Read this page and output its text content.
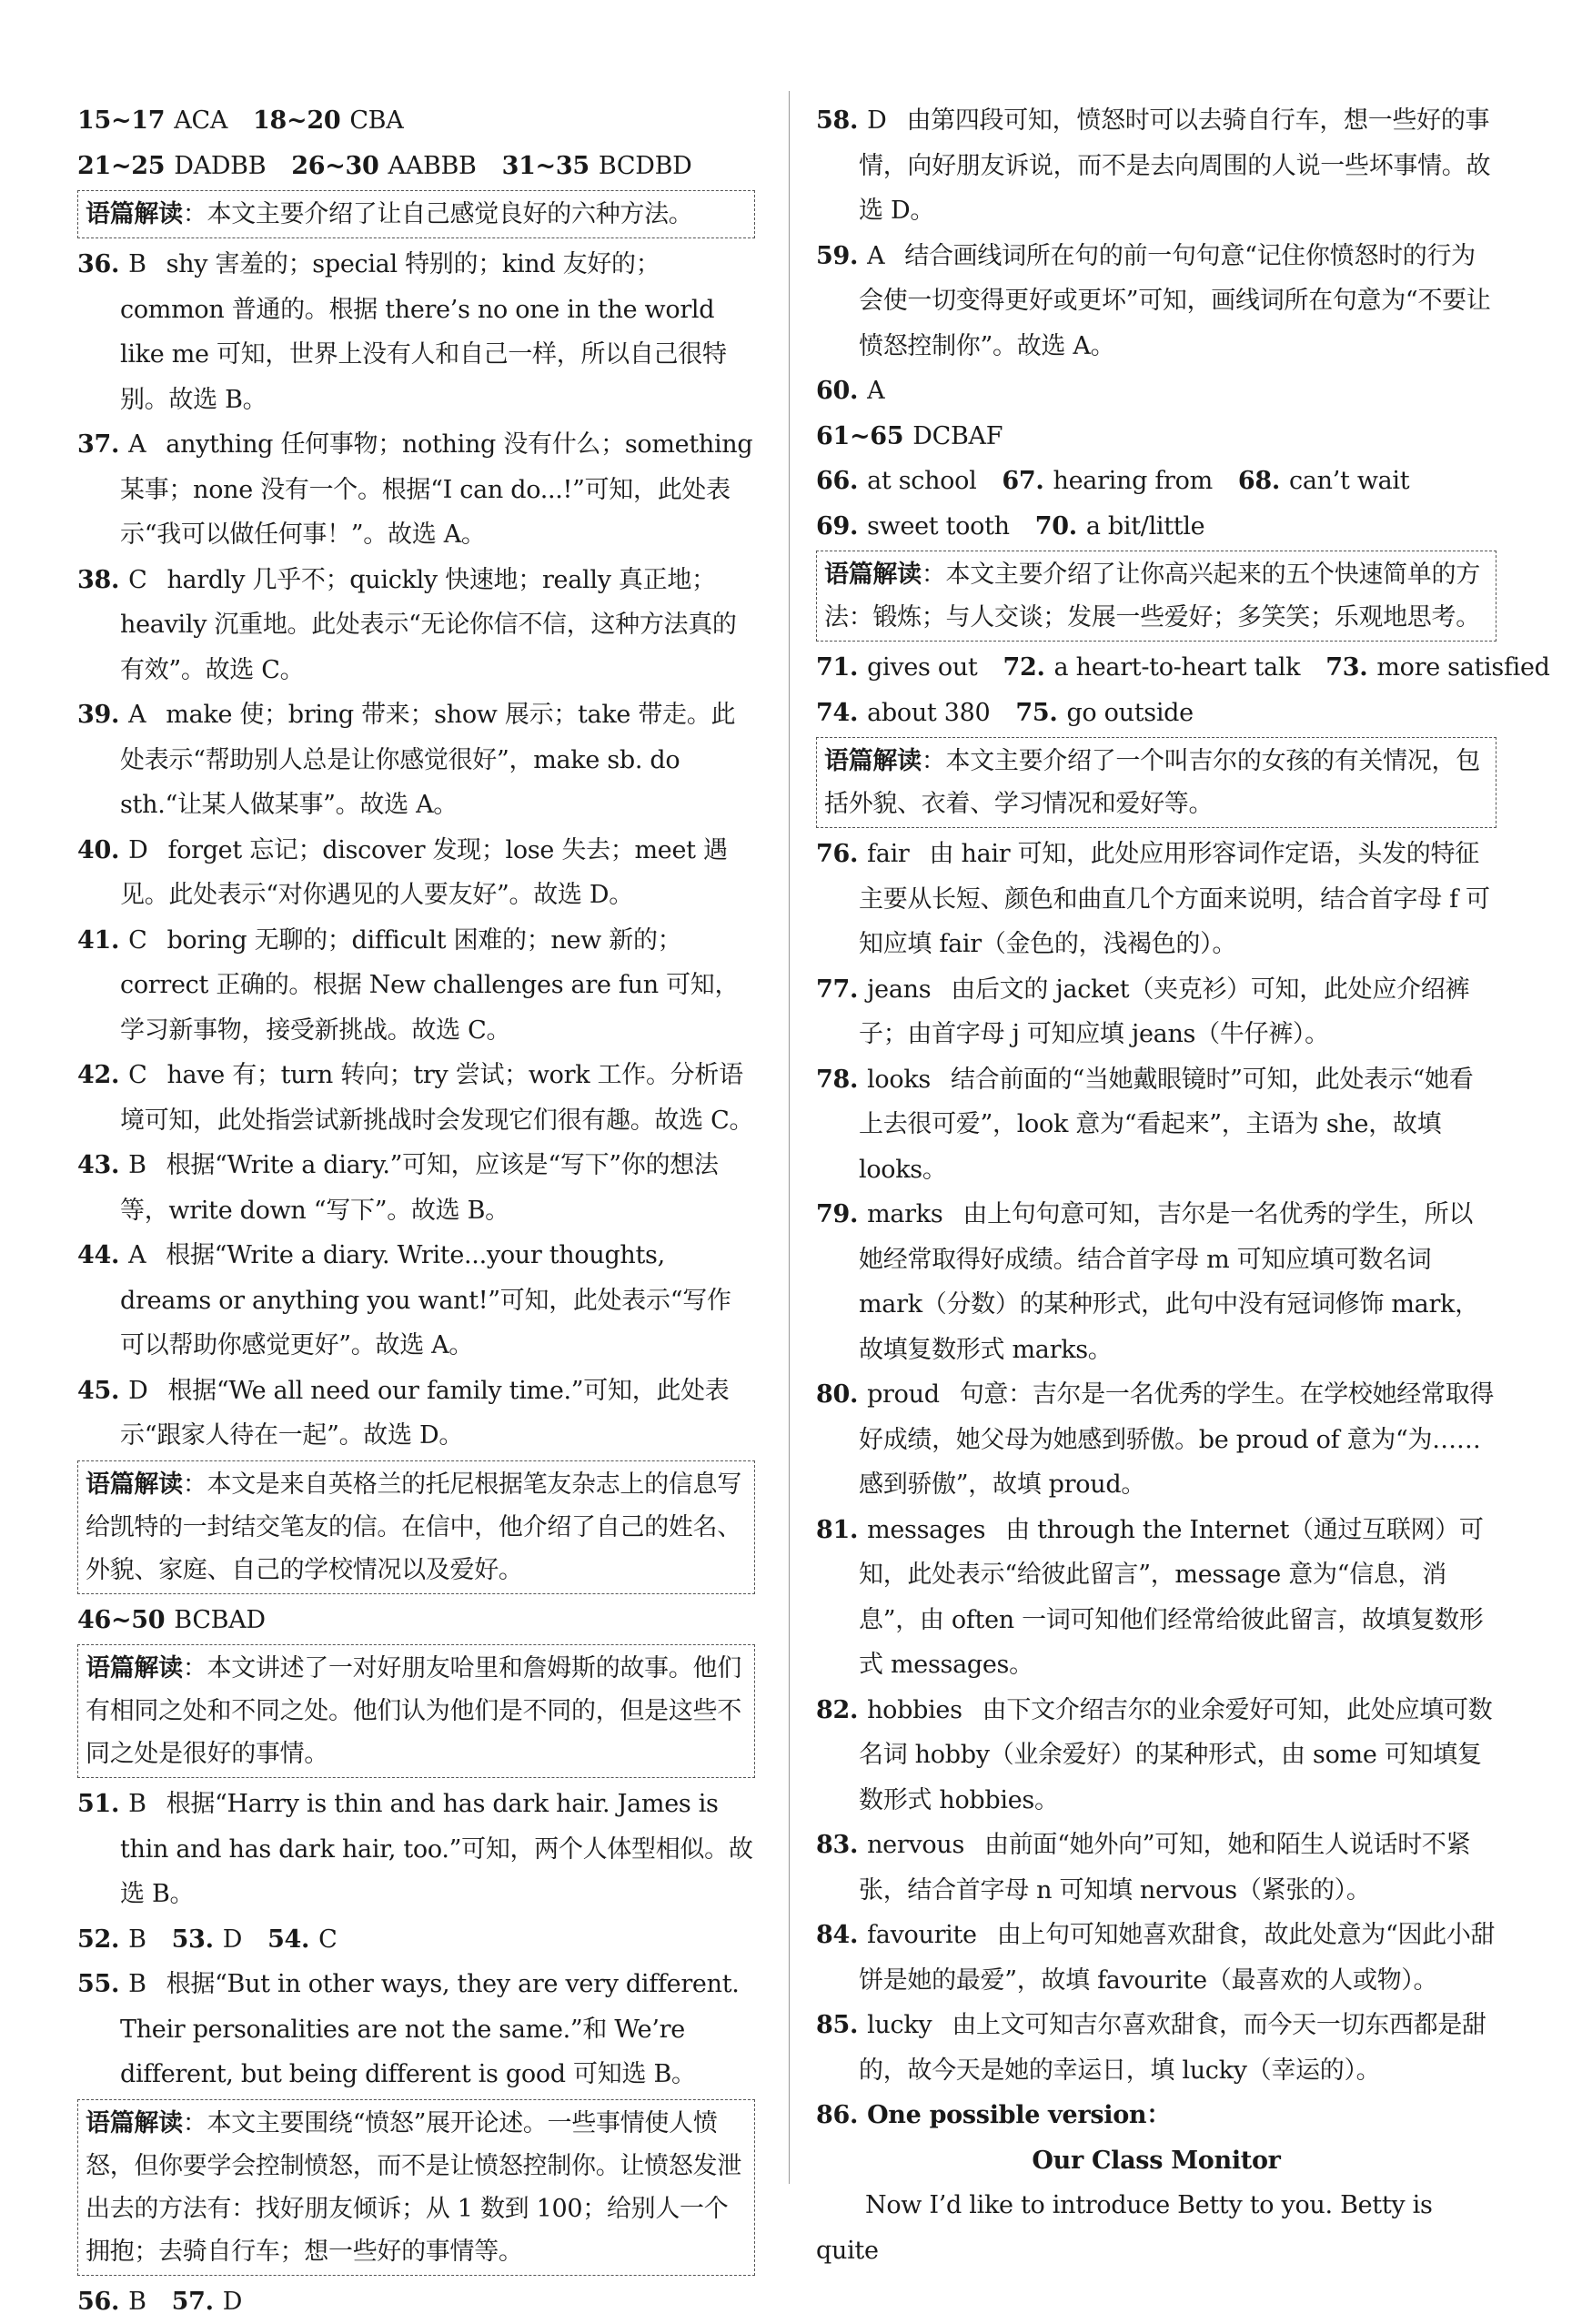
15~17 ACA 18~20 CBA
21~25 DADBB 26~30 AABBB 31~35 BCDBD
语篇解读：本文主要介绍了让自己感觉良好的六种方法。
36. B shy 害羞的；special 特别的；kind 友好的；common 普通的。根据 there’s no one in the world like me 可知，世界上没有人和自己一样，所以自己很特别。故选 B。
37. A anything 任何事物；nothing 没有什么；something 某事；none 没有一个。根据“I can do...!”可知，此处表示“我可以做任何事！”。故选 A。
38. C hardly 几乎不；quickly 快速地；really 真正地；heavily 沉重地。此处表示“无论你信不信，这种方法真的有效”。故选 C。
39. A make 使；bring 带来；show 展示；take 带走。此处表示“帮助别人总是让你感觉很好”，make sb. do sth.“让某人做某事”。故选 A。
40. D forget 忘记；discover 发现；lose 失去；meet 遇见。此处表示“对你遇见的人要友好”。故选 D。
41. C boring 无聊的；difficult 困难的；new 新的；correct 正确的。根据 New challenges are fun 可知，学习新事物，接受新挑战。故选 C。
42. C have 有；turn 转向；try 尝试；work 工作。分析语境可知，此处指尝试新挑战时会发现它们很有趣。故选 C。
43. B 根据“Write a diary.”可知，应该是“写下”你的想法等，write down “写下”。故选 B。
44. A 根据“Write a diary. Write...your thoughts, dreams or anything you want!”可知，此处表示“写作可以帮助你感觉更好”。故选 A。
45. D 根据“We all need our family time.”可知，此处表示“跟家人待在一起”。故选 D。
语篇解读：本文是来自英格兰的托尼根据笔友杂志上的信息写给凯特的一封结交笔友的信。在信中，他介绍了自己的姓名、外貌、家庭、自己的学校情况以及爱好。
46~50 BCBAD
语篇解读：本文讲述了一对好朋友哈里和詹姆斯的故事。他们有相同之处和不同之处。他们认为他们是不同的，但是这些不同之处是很好的事情。
51. B 根据“Harry is thin and has dark hair. James is thin and has dark hair, too.”可知，两个人体型相似。故选 B。
52. B 53. D 54. C
55. B 根据“But in other ways, they are very different. Their personalities are not the same.”和 We’re different, but being different is good 可知选 B。
语篇解读：本文主要围绕“愤怒”展开论述。一些事情使人愤怒，但你要学会控制愤怒，而不是让愤怒控制你。让愤怒发泄出去的方法有：找好朋友倾诉；从 1 数到 100；给别人一个拥抱；去骑自行车；想一些好的事情等。
56. B 57. D
58. D 由第四段可知，愤怒时可以去骑自行车，想一些好的事情，向好朋友诉说，而不是去向周围的人说一些坏事情。故选 D。
59. A 结合画线词所在句的前一句句意“记住你愤怒时的行为会使一切变得更好或更坏”可知，画线词所在句意为“不要让愤怒控制你”。故选 A。
60. A
61~65 DCBAF
66. at school 67. hearing from 68. can’t wait
69. sweet tooth 70. a bit/little
语篇解读：本文主要介绍了让你高兴起来的五个快速简单的方法：锻炼；与人交谈；发展一些爱好；多笑笑；乐观地思考。
71. gives out 72. a heart-to-heart talk 73. more satisfied
74. about 380 75. go outside
语篇解读：本文主要介绍了一个叫吉尔的女孩的有关情况，包括外貌、衣着、学习情况和爱好等。
76. fair 由 hair 可知，此处应用形容词作定语，头发的特征主要从长短、颜色和曲直几个方面来说明，结合首字母 f 可知应填 fair（金色的，浅褐色的）。
77. jeans 由后文的 jacket（夹克衫）可知，此处应介绍裤子；由首字母 j 可知应填 jeans（牛仔裤）。
78. looks 结合前面的“当她戴眼镜时”可知，此处表示“她看上去很可爱”，look 意为“看起来”，主语为 she，故填 looks。
79. marks 由上句句意可知，吉尔是一名优秀的学生，所以她经常取得好成绩。结合首字母 m 可知应填可数名词 mark（分数）的某种形式，此句中没有冠词修饰 mark，故填复数形式 marks。
80. proud 句意：吉尔是一名优秀的学生。在学校她经常取得好成绩，她父母为她感到骄傲。be proud of 意为“为……感到骄傲”，故填 proud。
81. messages 由 through the Internet（通过互联网）可知，此处表示“给彼此留言”，message 意为“信息，消息”，由 often 一词可知他们经常给彼此留言，故填复数形式 messages。
82. hobbies 由下文介绍吉尔的业余爱好可知，此处应填可数名词 hobby（业余爱好）的某种形式，由 some 可知填复数形式 hobbies。
83. nervous 由前面“她外向”可知，她和陌生人说话时不紧张，结合首字母 n 可知填 nervous（紧张的）。
84. favourite 由上句可知她喜欢甜食，故此处意为“因此小甜饼是她的最爱”，故填 favourite（最喜欢的人或物）。
85. lucky 由上文可知吉尔喜欢甜食，而今天一切东西都是甜的，故今天是她的幸运日，填 lucky（幸运的）。
86. One possible version：
Our Class Monitor
Now I’d like to introduce Betty to you. Betty is quite
